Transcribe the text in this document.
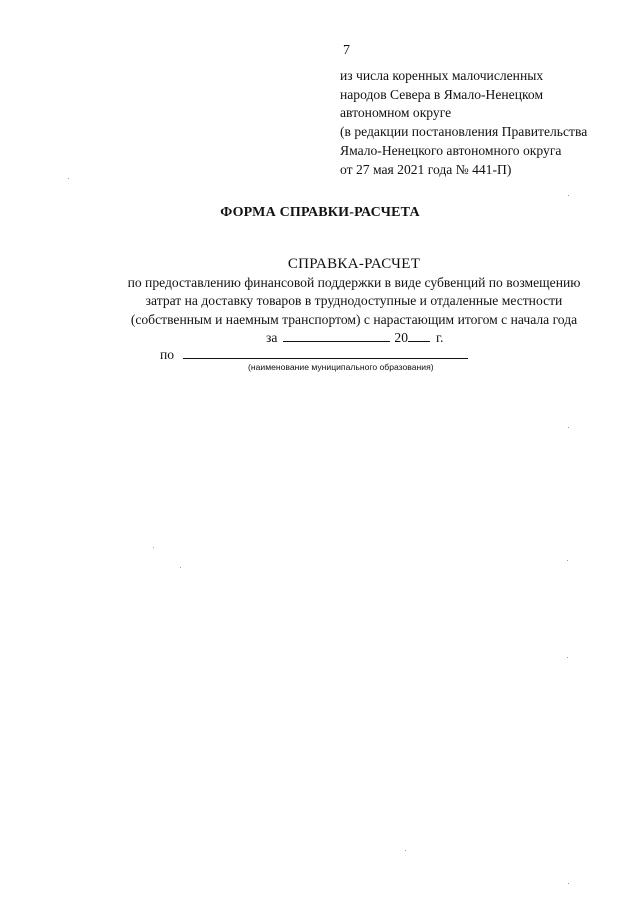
7
из числа коренных малочисленных
народов Севера в Ямало-Ненецком
автономном округе
(в редакции постановления Правительства
Ямало-Ненецкого автономного округа
от 27 мая 2021 года № 441-П)
ФОРМА СПРАВКИ-РАСЧЕТА
СПРАВКА-РАСЧЕТ
по предоставлению финансовой поддержки в виде субвенций по возмещению
затрат на доставку товаров в труднодоступные и отдаленные местности
(собственным и наемным транспортом) с нарастающим итогом с начала года
за	20 г.
по
(наименование муниципального образования)
